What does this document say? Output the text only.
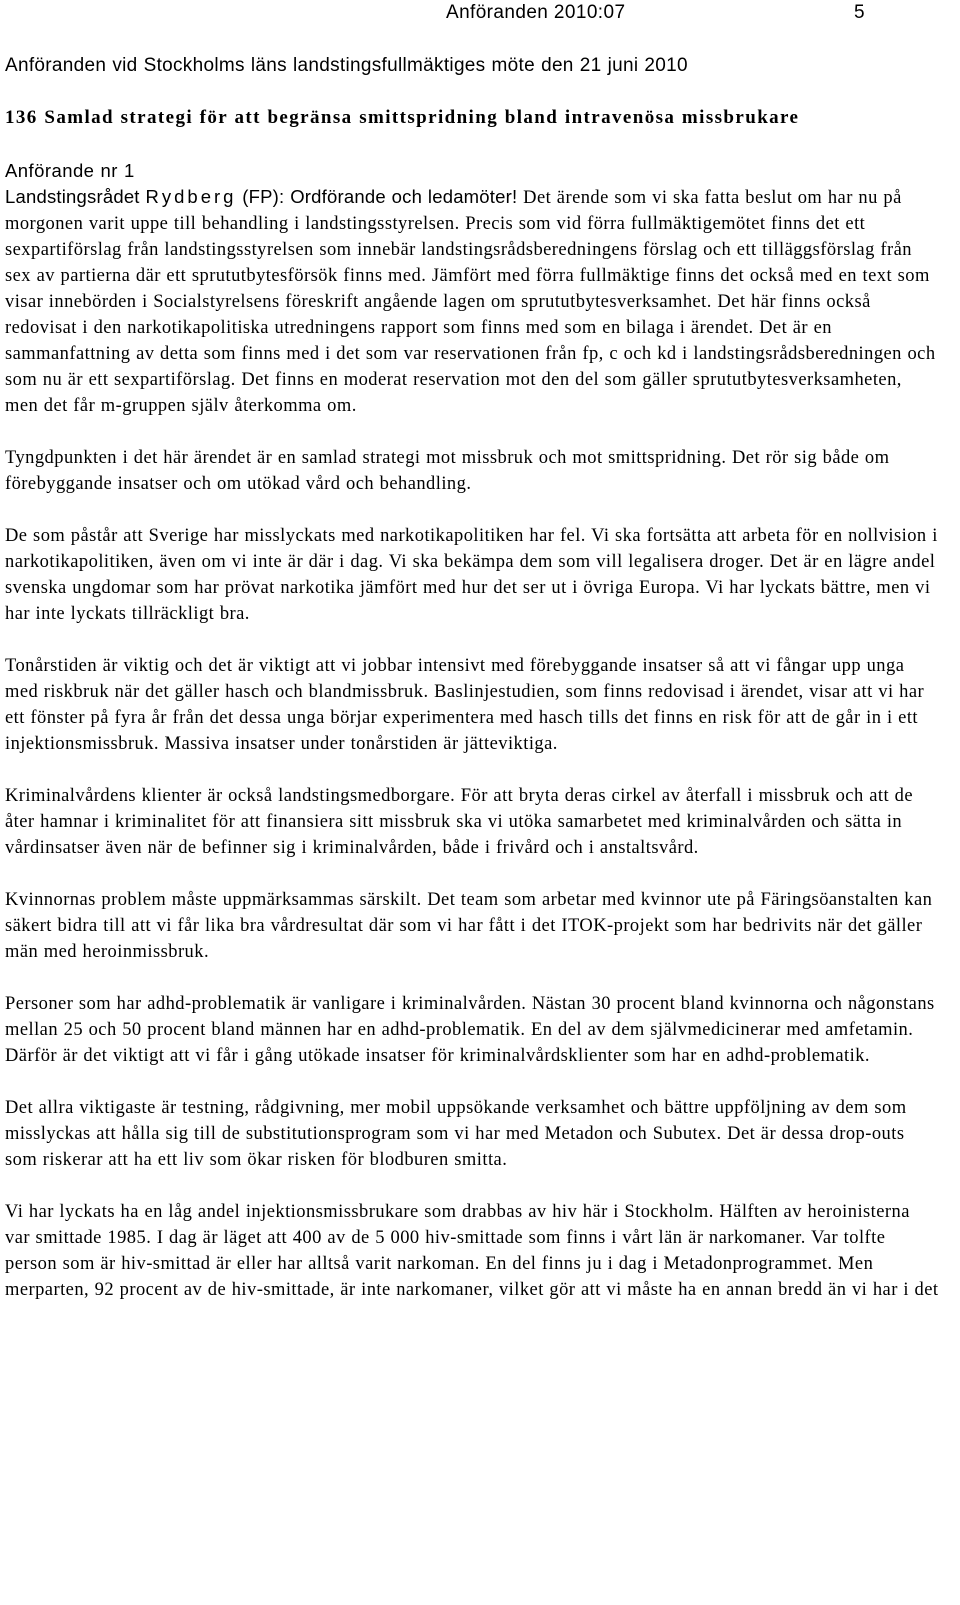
Anföranden 2010:07	5
Anföranden vid Stockholms läns landstingsfullmäktiges möte den 21 juni 2010
136 Samlad strategi för att begränsa smittspridning bland intravenösa missbrukare
Anförande nr 1

Landstingsrådet Rydberg (FP): Ordförande och ledamöter! Det ärende som vi ska fatta beslut om har nu på morgonen varit uppe till behandling i landstingsstyrelsen. Precis som vid förra fullmäktigemötet finns det ett sexpartiförslag från landstingsstyrelsen som innebär landstingsrådsberedningens förslag och ett tilläggsförslag från sex av partierna där ett sprututbytesförsök finns med. Jämfört med förra fullmäktige finns det också med en text som visar innebörden i Socialstyrelsens föreskrift angående lagen om sprututbytesverksamhet. Det här finns också redovisat i den narkotikapolitiska utredningens rapport som finns med som en bilaga i ärendet. Det är en sammanfattning av detta som finns med i det som var reservationen från fp, c och kd i landstingsrådsberedningen och som nu är ett sexpartiförslag. Det finns en moderat reservation mot den del som gäller sprututbytesverksamheten, men det får m-gruppen själv återkomma om.

Tyngdpunkten i det här ärendet är en samlad strategi mot missbruk och mot smittspridning. Det rör sig både om förebyggande insatser och om utökad vård och behandling.

De som påstår att Sverige har misslyckats med narkotikapolitiken har fel. Vi ska fortsätta att arbeta för en nollvision i narkotikapolitiken, även om vi inte är där i dag. Vi ska bekämpa dem som vill legalisera droger. Det är en lägre andel svenska ungdomar som har prövat narkotika jämfört med hur det ser ut i övriga Europa. Vi har lyckats bättre, men vi har inte lyckats tillräckligt bra.

Tonårstiden är viktig och det är viktigt att vi jobbar intensivt med förebyggande insatser så att vi fångar upp unga med riskbruk när det gäller hasch och blandmissbruk. Baslinjestudien, som finns redovisad i ärendet, visar att vi har ett fönster på fyra år från det dessa unga börjar experimentera med hasch tills det finns en risk för att de går in i ett injektionsmissbruk. Massiva insatser under tonårstiden är jätteviktiga.

Kriminalvårdens klienter är också landstingsmedborgare. För att bryta deras cirkel av återfall i missbruk och att de åter hamnar i kriminalitet för att finansiera sitt missbruk ska vi utöka samarbetet med kriminalvården och sätta in vårdinsatser även när de befinner sig i kriminalvården, både i frivård och i anstaltsvård.

Kvinnornas problem måste uppmärksammas särskilt. Det team som arbetar med kvinnor ute på Färingsöanstalten kan säkert bidra till att vi får lika bra vårdresultat där som vi har fått i det ITOK-projekt som har bedrivits när det gäller män med heroinmissbruk.

Personer som har adhd-problematik är vanligare i kriminalvården. Nästan 30 procent bland kvinnorna och någonstans mellan 25 och 50 procent bland männen har en adhd-problematik. En del av dem självmedicinerar med amfetamin. Därför är det viktigt att vi får i gång utökade insatser för kriminalvårdsklienter som har en adhd-problematik.

Det allra viktigaste är testning, rådgivning, mer mobil uppsökande verksamhet och bättre uppföljning av dem som misslyckas att hålla sig till de substitutionsprogram som vi har med Metadon och Subutex. Det är dessa drop-outs som riskerar att ha ett liv som ökar risken för blodburen smitta.

Vi har lyckats ha en låg andel injektionsmissbrukare som drabbas av hiv här i Stockholm. Hälften av heroinisterna var smittade 1985. I dag är läget att 400 av de 5 000 hiv-smittade som finns i vårt län är narkomaner. Var tolfte person som är hiv-smittad är eller har alltså varit narkoman. En del finns ju i dag i Metadonprogrammet. Men merparten, 92 procent av de hiv-smittade, är inte narkomaner, vilket gör att vi måste ha en annan bredd än vi har i det
